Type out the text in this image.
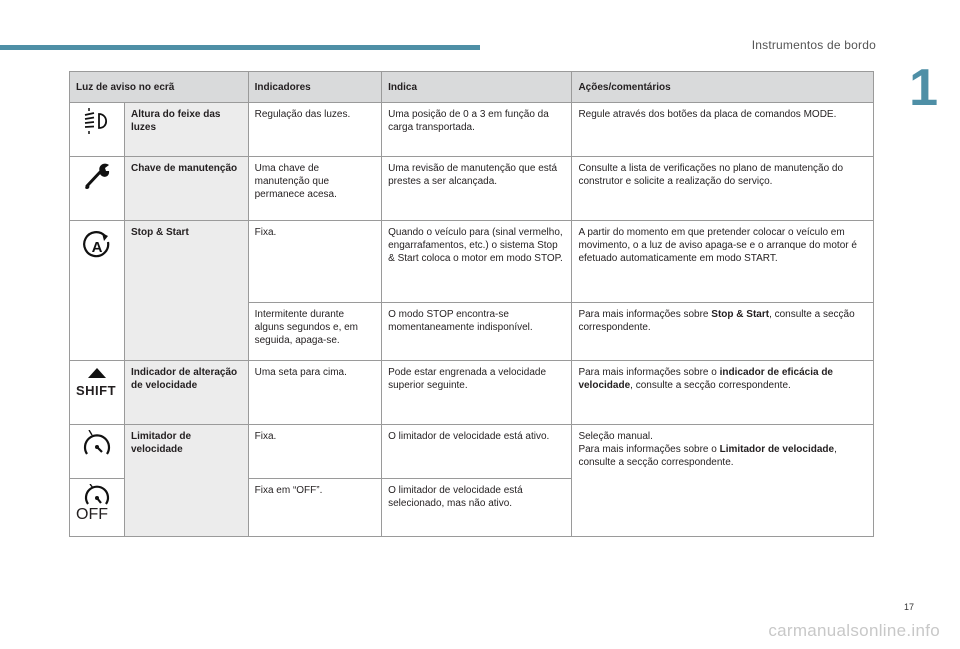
Instrumentos de bordo
1
Luz de aviso no ecrã		Indicadores	Indica	Ações/comentários

	Altura do feixe das luzes	Regulação das luzes.	Uma posição de 0 a 3 em função da carga transportada.	Regule através dos botões da placa de comandos MODE.

	Chave de manutenção	Uma chave de manutenção que permanece acesa.	Uma revisão de manutenção que está prestes a ser alcançada.	Consulte a lista de verificações no plano de manutenção do construtor e solicite a realização do serviço.

A	Stop & Start	Fixa.	Quando o veículo para (sinal vermelho, engarrafamentos, etc.) o sistema Stop & Start coloca o motor em modo STOP.	A partir do momento em que pretender colocar o veículo em movimento, o a luz de aviso apaga-se e o arranque do motor é efetuado automaticamente em modo START.
		Intermitente durante alguns segundos e, em seguida, apaga-se.	O modo STOP encontra-se momentaneamente indisponível.	Para mais informações sobre Stop & Start, consulte a secção correspondente.

SHIFT	Indicador de alteração de velocidade	Uma seta para cima.	Pode estar engrenada a velocidade superior seguinte.	Para mais informações sobre o indicador de eficácia de velocidade, consulte a secção correspondente.

	Limitador de velocidade	Fixa.	O limitador de velocidade está ativo.	Seleção manual.
Para mais informações sobre o Limitador de velocidade, consulte a secção correspondente.

OFF		Fixa em “OFF”.	O limitador de velocidade está selecionado, mas não ativo.	
17
carmanualsonline.info
